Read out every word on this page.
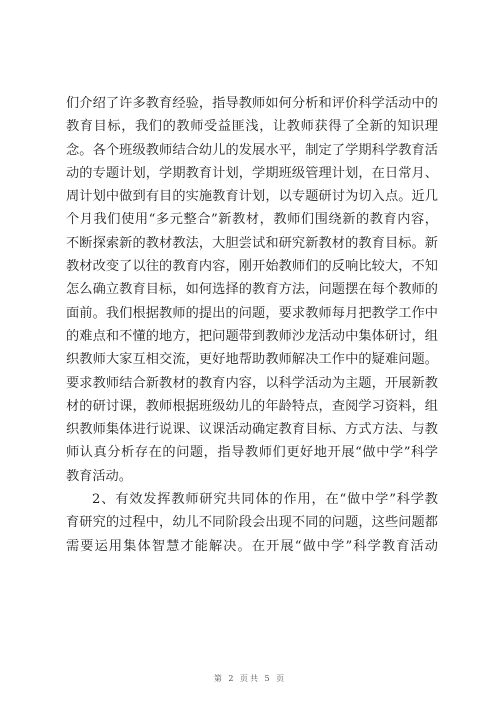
们介绍了许多教育经验，指导教师如何分析和评价科学活动中的
教育目标，我们的教师受益匪浅，让教师获得了全新的知识理
念。各个班级教师结合幼儿的发展水平，制定了学期科学教育活
动的专题计划，学期教育计划，学期班级管理计划，在日常月、
周计划中做到有目的实施教育计划，以专题研讨为切入点。近几
个月我们使用“多元整合”新教材，教师们围绕新的教育内容，
不断探索新的教材教法，大胆尝试和研究新教材的教育目标。新
教材改变了以往的教育内容，刚开始教师们的反响比较大，不知
怎么确立教育目标，如何选择的教育方法，问题摆在每个教师的
面前。我们根据教师的提出的问题，要求教师每月把教学工作中
的难点和不懂的地方，把问题带到教师沙龙活动中集体研讨，组
织教师大家互相交流，更好地帮助教师解决工作中的疑难问题。
要求教师结合新教材的教育内容，以科学活动为主题，开展新教
材的研讨课，教师根据班级幼儿的年龄特点，查阅学习资料，组
织教师集体进行说课、议课活动确定教育目标、方式方法、与教
师认真分析存在的问题，指导教师们更好地开展“做中学”科学
教育活动。
2、有效发挥教师研究共同体的作用，在“做中学”科学教
育研究的过程中，幼儿不同阶段会出现不同的问题，这些问题都
需要运用集体智慧才能解决。在开展“做中学”科学教育活动
第 2 页共 5 页
